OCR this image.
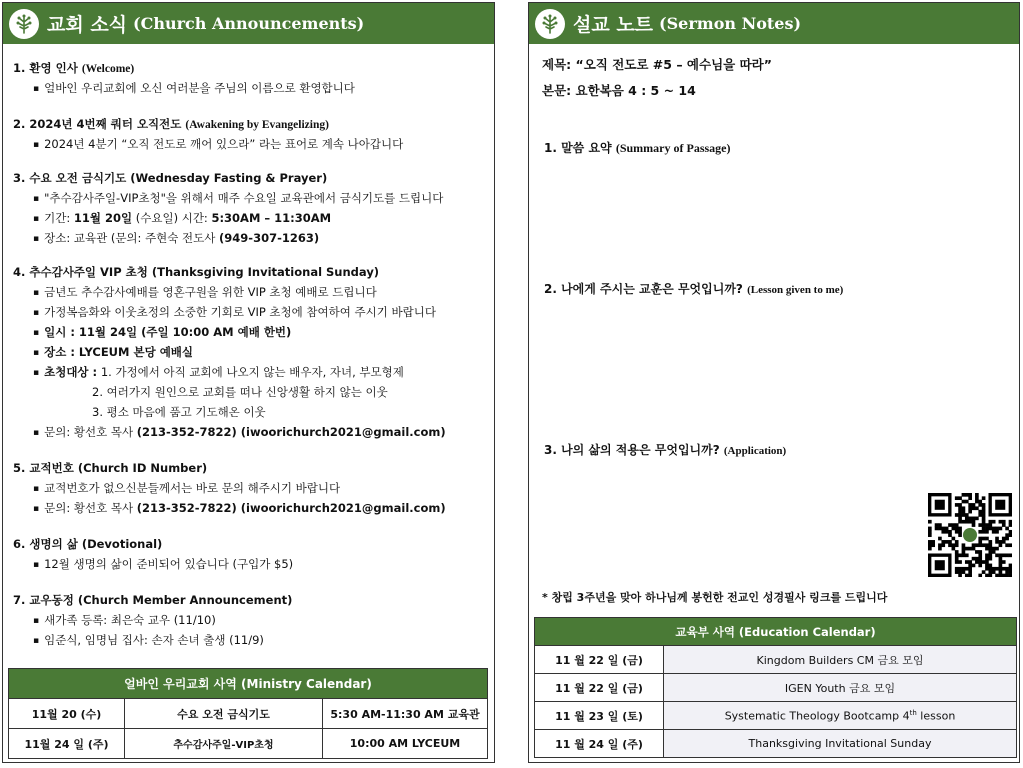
교회 소식 (Church Announcements)
1. 환영 인사 (Welcome)
▪ 얼바인 우리교회에 오신 여러분을 주님의 이름으로 환영합니다
2. 2024년 4번째 쿼터 오직전도 (Awakening by Evangelizing)
▪ 2024년 4분기 “오직 전도로 깨어 있으라” 라는 표어로 계속 나아갑니다
3. 수요 오전 금식기도 (Wednesday Fasting & Prayer)
▪ "추수감사주일-VIP초청"을 위해서 매주 수요일 교육관에서 금식기도를 드립니다
▪ 기간: 11월 20일 (수요일) 시간: 5:30AM – 11:30AM
▪ 장소: 교육관 (문의: 주현숙 전도사 (949-307-1263)
4. 추수감사주일 VIP 초청 (Thanksgiving Invitational Sunday)
▪ 금년도 추수감사예배를 영혼구원을 위한 VIP 초청 예배로 드립니다
▪ 가정복음화와 이웃초정의 소중한 기회로 VIP 초청에 참여하여 주시기 바랍니다
▪ 일시 : 11월 24일 (주일 10:00 AM 예배 한번)
▪ 장소 : LYCEUM 본당 예배실
▪ 초청대상 : 1. 가정에서 아직 교회에 나오지 않는 배우자, 자녀, 부모형제
2. 여러가지 원인으로 교회를 떠나 신앙생활 하지 않는 이웃
3. 평소 마음에 품고 기도해온 이웃
▪ 문의: 황선호 목사 (213-352-7822) (iwoorichurch2021@gmail.com)
5. 교적번호 (Church ID Number)
▪ 교적번호가 없으신분들께서는 바로 문의 해주시기 바랍니다
▪ 문의: 황선호 목사 (213-352-7822) (iwoorichurch2021@gmail.com)
6. 생명의 삶 (Devotional)
▪ 12월 생명의 삶이 준비되어 있습니다 (구입가 $5)
7. 교우동정 (Church Member Announcement)
▪ 새가족 등록: 최은숙 교우 (11/10)
▪ 임준식, 임명님 집사: 손자 손녀 출생 (11/9)
얼바인 우리교회 사역 (Ministry Calendar)		
11월 20 (수)	수요 오전 금식기도	5:30 AM-11:30 AM 교육관
11월 24 일 (주)	추수감사주일-VIP초청	10:00 AM LYCEUM
설교 노트 (Sermon Notes)
제목: “오직 전도로 #5 – 예수님을 따라”
본문: 요한복음 4 : 5 ~ 14
1. 말씀 요약 (Summary of Passage)
2. 나에게 주시는 교훈은 무엇입니까? (Lesson given to me)
3. 나의 삶의 적용은 무엇입니까? (Application)
* 창립 3주년을 맞아 하나님께 봉헌한 전교인 성경필사 링크를 드립니다
교육부 사역 (Education Calendar)	
11 월 22 일 (금)	Kingdom Builders CM 금요 모임
11 월 22 일 (금)	IGEN Youth 금요 모임
11 월 23 일 (토)	Systematic Theology Bootcamp 4th lesson
11 월 24 일 (주)	Thanksgiving Invitational Sunday
